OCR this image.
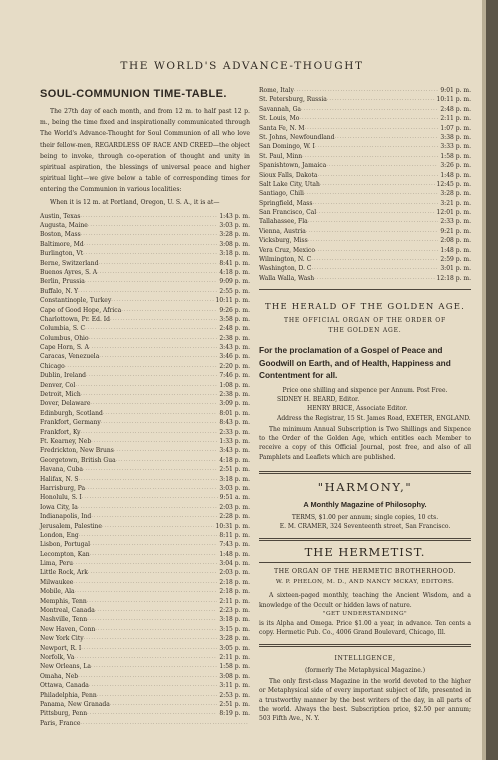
THE WORLD'S ADVANCE-THOUGHT
SOUL-COMMUNION TIME-TABLE.
The 27th day of each month, and from 12 m. to half past 12 p. m., being the time fixed and inspirationally communicated through The World's Advance-Thought for Soul Communion of all who love their fellow-men, REGARDLESS OF RACE AND CREED—the object being to invoke, through co-operation of thought and unity in spiritual aspiration, the blessings of universal peace and higher spiritual light—we give below a table of corresponding times for entering the Communion in various localities:
When it is 12 m. at Portland, Oregon, U. S. A., it is at—
Austin, Texas .....	1:43 p. m.
Augusta, Maine .....	3:03 p. m.
Boston, Mass .....	3:28 p. m.
Baltimore, Md .....	3:08 p. m.
Burlington, Vt .....	3:18 p. m.
Berne, Switzerland .....	8:41 p. m.
Buenos Ayres, S. A .....	4:18 p. m.
Berlin, Prussia .....	9:09 p. m.
Buffalo, N. Y .....	2:55 p. m.
Constantinople, Turkey .....	10:11 p. m.
Cape of Good Hope, Africa .....	9:26 p. m.
Charlottown, Pr. Ed. Id .....	3:58 p. m.
Columbia, S. C .....	2:48 p. m.
Columbus, Ohio .....	2:38 p. m.
Cape Horn, S. A .....	3:43 p. m.
Caracas, Venezuela .....	3:46 p. m.
Chicago .....	2:20 p. m.
Dublin, Ireland .....	7:46 p. m.
Denver, Col .....	1:08 p. m.
Detroit, Mich .....	2:38 p. m.
Dover, Delaware .....	3:09 p. m.
Edinburgh, Scotland .....	8:01 p. m.
Frankfort, Germany .....	8:43 p. m.
Frankfort, Ky .....	2:33 p. m.
Ft. Kearney, Neb .....	1:33 p. m.
Fredrickton, New Bruns .....	3:43 p. m.
Georgetown, British Gua .....	4:18 p. m.
Havana, Cuba .....	2:51 p. m.
Halifax, N. S .....	3:18 p. m.
Harrisburg, Pa .....	3:03 p. m.
Honolulu, S. I .....	9:51 a. m.
Iowa City, Ia .....	2:03 p. m.
Indianapolis, Ind .....	2:28 p. m.
Jerusalem, Palestine .....	10:31 p. m.
London, Eng .....	8:11 p. m.
Lisbon, Portugal .....	7:43 p. m.
Lecompton, Kan .....	1:48 p. m.
Lima, Peru .....	3:04 p. m.
Little Rock, Ark .....	2:03 p. m.
Milwaukee .....	2:18 p. m.
Mobile, Ala .....	2:18 p. m.
Memphis, Tenn .....	2:11 p. m.
Montreal, Canada .....	2:23 p. m.
Nashville, Tenn .....	3:18 p. m.
New Haven, Conn .....	3:15 p. m.
New York City .....	3:28 p. m.
Newport, R. I .....	3:05 p. m.
Norfolk, Va .....	2:11 p. m.
New Orleans, La .....	1:58 p. m.
Omaha, Neb .....	3:08 p. m.
Ottawa, Canada .....	3:11 p. m.
Philadelphia, Penn .....	2:53 p. m.
Panama, New Granada .....	2:51 p. m.
Pittsburg, Penn .....	8:19 p. m.
Paris, France
.....
Rome, Italy .....	9:01 p. m.
St. Petersburg, Russia .....	10:11 p. m.
Savannah, Ga .....	2:48 p. m.
St. Louis, Mo .....	2:11 p. m.
Santa Fe, N. M .....	1:07 p. m.
St. Johns, Newfoundland .....	3:38 p. m.
San Domingo, W. I .....	3:33 p. m.
St. Paul, Minn .....	1:58 p. m.
Spanishtown, Jamaica .....	3:26 p. m.
Sioux Falls, Dakota .....	1:48 p. m.
Salt Lake City, Utah .....	12:45 p. m.
Santiago, Chili .....	3:28 p. m.
Springfield, Mass .....	3:21 p. m.
San Francisco, Cal .....	12:01 p. m.
Tallahassee, Fla .....	2:33 p. m.
Vienna, Austria .....	9:21 p. m.
Vicksburg, Miss .....	2:08 p. m.
Vera Cruz, Mexico .....	1:48 p. m.
Wilmington, N. C .....	2:59 p. m.
Washington, D. C .....	3:01 p. m.
Walla Walla, Wash .....	12:18 p. m.
THE HERALD OF THE GOLDEN AGE.
THE OFFICIAL ORGAN OF THE ORDER OF THE GOLDEN AGE.
For the proclamation of a Gospel of Peace and Goodwill on Earth, and of Health, Happiness and Contentment for all.
Price one shilling and sixpence per Annum. Post Free.
SIDNEY H. BEARD, Editor.
HENRY BRICE, Associate Editor.
Address the Registrar, 15 St. James Road, EXETER, ENGLAND.
The minimum Annual Subscription is Two Shillings and Sixpence to the Order of the Golden Age, which entitles each Member to receive a copy of this Official Journal, post free, and also of all Pamphlets and Leaflets which are published.
"HARMONY,"
A Monthly Magazine of Philosophy.
TERMS, $1.00 per annum; single copies, 10 cts.
E. M. CRAMER, 324 Seventeenth street, San Francisco.
THE HERMETIST.
THE ORGAN OF THE HERMETIC BROTHERHOOD.
W. P. PHELON, M. D., AND NANCY MCKAY, EDITORS.
A sixteen-paged monthly, teaching the Ancient Wisdom, and a knowledge of the Occult or hidden laws of nature.
"GET UNDERSTANDING"
is its Alpha and Omega. Price $1.00 a year, in advance. Ten cents a copy. Hermetic Pub. Co., 4006 Grand Boulevard, Chicago, Ill.
INTELLIGENCE,
(formerly The Metaphysical Magazine.)
The only first-class Magazine in the world devoted to the higher or Metaphysical side of every important subject of life, presented in a trustworthy manner by the best writers of the day, in all parts of the world. Always the best. Subscription price, $2.50 per annum; 503 Fifth Ave., N. Y.
